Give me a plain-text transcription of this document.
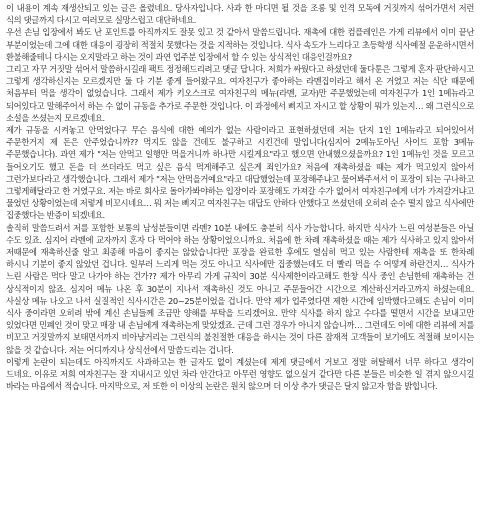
이 내용이 계속 재생산되고 있는 글은 올렸네요. 당사자입니다. 사과 한 마디면 될 것을 조롱 및 인격 모독에 거짓까지 섞어가면서 저런 식의 댓글까지 다시고 여러모로 실망스럽고 대단하네요.

우선 손님 입장에서 봐도 난 포인트를 아직까지도 잘못 있고 것 같아서 말씀드립니다. 재촉에 대한 컴플레인은 가게 리뷰에서 이미 끝난 부분이었는데 그에 대한 대응이 굉장히 적절치 못했다는 것을 지적하는 것입니다. 식사 속도가 느리다고 초등학생 식사예절 운운하시면서 환불해줄테니 다시는 오지말라고 하는 것이 과연 업주분 입장에서 할 수 있는 상식적인 대응인걸까요?

그리고 자꾸 거짓말 섞어서 말씀하시길래 팩트 정정해드리려고 댓글 답니다. 저희가 싸웠다고 하셨던데 둘다툰은 그렇게 혼자 판단하시고 그렇게 생각하신지는 모르겠지만 둘 다 기분 좋게 들어왔구요. 여자친구가 좋아하는 라멘집이라고 해서 온 거였고 저는 식단 때문에 처음부터 먹을 생각이 없었습니다. 그래서 제가 키오스크로 여자친구의 메뉴(라멘, 교자)만 주문했었는데 여자친구가 1인 1메뉴라고 되어있다고 말해주어서 하는 수 없이 규동을 추가로 주문한 것입니다. 이 과정에서 삐지고 자시고 할 상황이 뭐가 있는지… 왜 그런식으로 소설을 쓰셨는지 모르겠네요.

제가 규동을 시켜놓고 안먹었다구 무슨 음식에 대한 예의가 없는 사람이라고 표현하셨던데 저는 단지 1인 1메뉴라고 되어있어서 주문한거지 제 돈은 안주었습니까?? 먹지도 않을 건데도 불구하고 시킨건데 말입니다(심지어 2메뉴도아닌 사이드 포함 3메뉴 주문했습니다). 과연 제가 "저는 안먹고 일행만 먹을거니까 하나만 시킬게요"라고 했으면 안내했으셨을까요? 1인 1메뉴인 것을 모르고 들어오기도 했고 돈을 더 쓰더라도 먹고 싶은 음식 먹게해주고 싶은게 죄인가요? 처음에 재촉하셨을 때는 제가 먹고있지 않아서 그런가보다라고 생각했습니다. 그래서 제가 "저는 안먹을거예요"라고 대답했었는데 포장해주냐고 물어봐주셔서 이 포장이 되는 구나하고 그렇게해달라고 한 거였구요. 저는 바로 회사로 돌아가봐야하는 입장이라 포장해도 가져갈 수가 없어서 여자친구에게 너가 가져갈거냐고 물었던 상황이었는데 저렇게 비꼬시네요… 뭐 저는 삐지고 여자친구는 대답도 안하다 안했다고 쓰셨던데 오히려 순수 떨지 않고 식사에만 집중했다는 반증이 되겠네요.

솔직히 말씀드려서 저를 포함한 보통의 남성분들이면 라멘? 10분 내에도 충분히 식사 가능합니다. 하지만 식사가 느린 여성분들은 아닐 수도 있죠. 심지어 라멘에 교자까지 혼자 다 먹어야 하는 상황이었으니까요. 처음에 한 차례 재촉하셨을 때는 제가 식사하고 있지 않아서 저때문에 재촉하신줄 알고 최종해 마음이 좋지는 않았습니다만 포장을 완료한 후에도 열심히 먹고 있는 사람한테 재촉을 또 한차례 하시니 기분이 좋지 않았던 겁니다. 일부러 느리게 먹는 것도 아니고 식사에만 집중했는데도 더 빨리 먹을 수 어떻게 하란건지… 식사가 느린 사람은 먹다 말고 나가야 하는 건가?? 제가 아무리 가게 규칙이 30분 식사제한이라고해도 한창 식사 중인 손님한테 재촉하는 건 상식적이지 않죠. 심지어 메뉴 나온 후 30분이 지나서 재촉하신 것도 아니고 주문들어간 시간으로 계산하신거라고까지 하셨는데요. 사실상 메뉴 나오고 나서 실질적인 식사시간은 20~25분이었을 겁니다. 만약 제가 업주였다면 제한 시간에 임박했다고해도 손님이 이미 식사 중이라면 오히려 밖에 계신 손님들께 조금만 양해를 부탁을 드리겠어요. 만약 식사를 하지 않고 수다를 떨면서 시간을 보내고만 있었다면 민폐인 것이 맞고 매장 내 손님에게 재촉하는게 맞았겠죠. 근데 그런 경우가 아니지 않습니까… 그런데도 이에 대한 리뷰에 저를 비꼬고 거짓말까지 보태면서까지 비아냥거리는 그런식의 불친절한 대응을 하시는 것이 다른 잠재적 고객들이 보기에도 적절해 보이시는 않을 것 같습니다. 저는 어디까지나 상식선에서 말씀드리는 겁니다.

이렇게 논란이 되는데도 아직까지도 사과하고는 한 글자도 없이 계셨는데 제게 댓글에서 거보고 정말 허탈해서 너무 하다고 생각이 드네요. 이유로 저희 여자친구는 잘 지내시고 있던 차라 안간다고 아무런 영향도 없으실거 같다만 다른 분들은 비슷한 일 겪지 않으시길 바라는 마음에서 적습니다. 마지막으로, 저 또한 이 이상의 논란은 원치 않으며 더 이상 추가 댓글은 달지 않고자 함을 밝힙니다.
